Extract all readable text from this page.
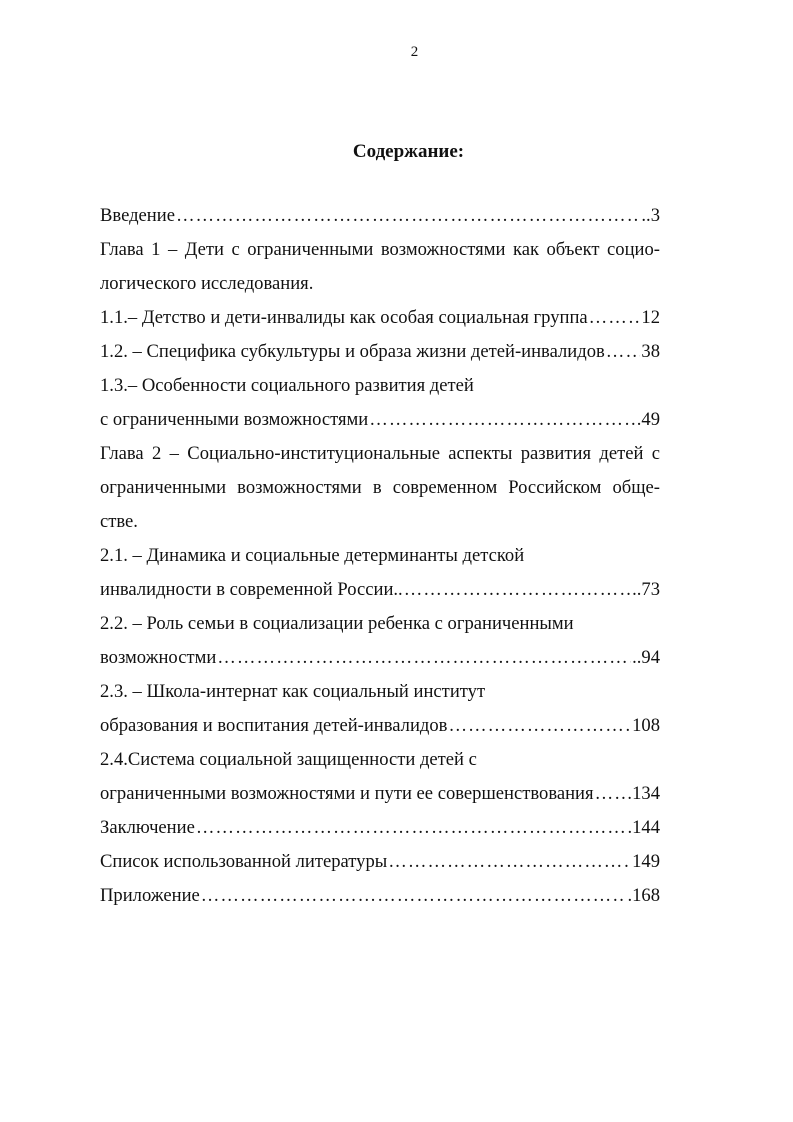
2
Содержание:
Введение ……………………………………………………………………………………………………………………………………………………………………	..3
Глава 1 – Дети с ограниченными возможностями как объект социо-
логического исследования.
1.1.– Детство и дети-инвалиды как особая социальная группа ……………………………………………………………………………………………………………………………………………………………………	12
1.2. – Специфика субкультуры и образа жизни детей-инвалидов …………………………………………………………………………………………………………………………………………………………………… 38
1.3.– Особенности социального развития детей
с ограниченными возможностями ……………………………………………………………………………………………………………………………………………………………………	.49
Глава 2 – Социально-институциональные аспекты развития детей с
ограниченными возможностями в современном Российском обще-
стве.
2.1. – Динамика и социальные детерминанты детской
инвалидности в современной России.. ……………………………………………………………………………………………………………………………………………………………………	..73
2.2. – Роль семьи в социализации ребенка с ограниченными
возможностми ……………………………………………………………………………………………………………………………………………………………………	..94
2.3. – Школа-интернат как социальный институт
образования и воспитания детей-инвалидов ……………………………………………………………………………………………………………………………………………………………………	108
2.4.Система социальной защищенности детей с
ограниченными возможностями и пути ее совершенствования …………………………………………………………………………………………………………………………………………………………………… 134
Заключение ……………………………………………………………………………………………………………………………………………………………………	.144
Список использованной литературы ……………………………………………………………………………………………………………………………………………………………………	149
Приложение ……………………………………………………………………………………………………………………………………………………………………	.168
